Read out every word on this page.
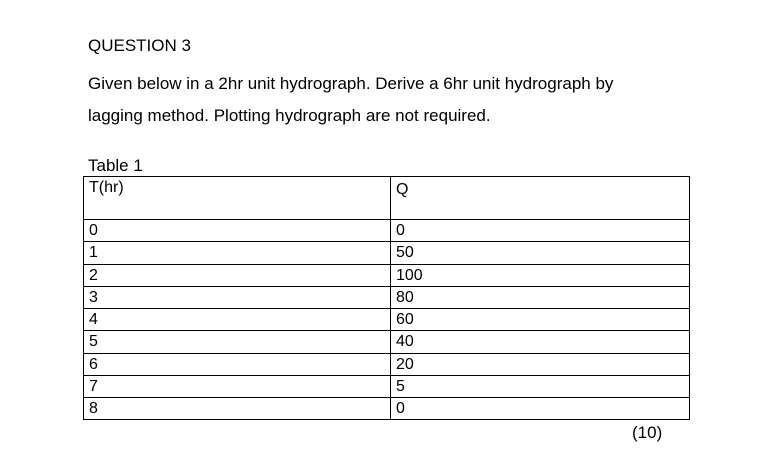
QUESTION 3
Given below in a 2hr unit hydrograph. Derive a 6hr unit hydrograph by
lagging method. Plotting hydrograph are not required.
Table 1
T(hr)	Q
0	0
1	50
2	100
3	80
4	60
5	40
6	20
7	5
8	0
(10)
